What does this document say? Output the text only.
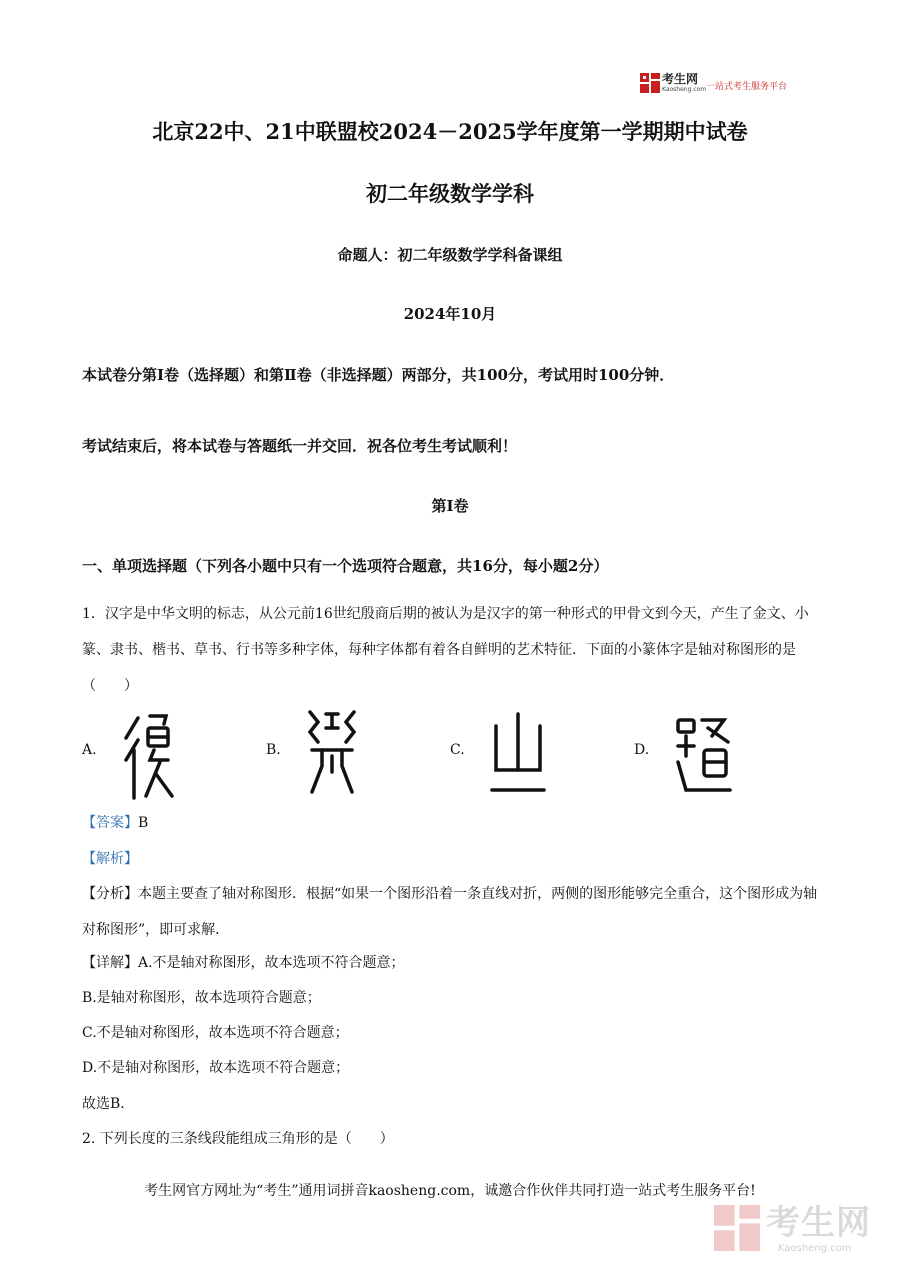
考生网
Kaosheng.com 一站式考生服务平台
北京22中、21中联盟校2024－2025学年度第一学期期中试卷
初二年级数学学科
命题人：初二年级数学学科备课组
2024年10月
本试卷分第Ⅰ卷（选择题）和第Ⅱ卷（非选择题）两部分，共100分，考试用时100分钟．
考试结束后，将本试卷与答题纸一并交回．祝各位考生考试顺利！
第Ⅰ卷
一、单项选择题（下列各小题中只有一个选项符合题意，共16分，每小题2分）
1．汉字是中华文明的标志，从公元前16世纪殷商后期的被认为是汉字的第一种形式的甲骨文到今天，产生了金文、小篆、隶书、楷书、草书、行书等多种字体，每种字体都有着各自鲜明的艺术特征．下面的小篆体字是轴对称图形的是（　　）
A.	B.	C.	D.
【答案】B
【解析】
【分析】本题主要查了轴对称图形．根据“如果一个图形沿着一条直线对折，两侧的图形能够完全重合，这个图形成为轴对称图形”，即可求解．
【详解】A.不是轴对称图形，故本选项不符合题意；
B.是轴对称图形，故本选项符合题意；
C.不是轴对称图形，故本选项不符合题意；
D.不是轴对称图形，故本选项不符合题意；
故选B．
2. 下列长度的三条线段能组成三角形的是（　　）
考生网官方网址为“考生”通用词拼音kaosheng.com，诚邀合作伙伴共同打造一站式考生服务平台!
考生网
Kaosheng.com
